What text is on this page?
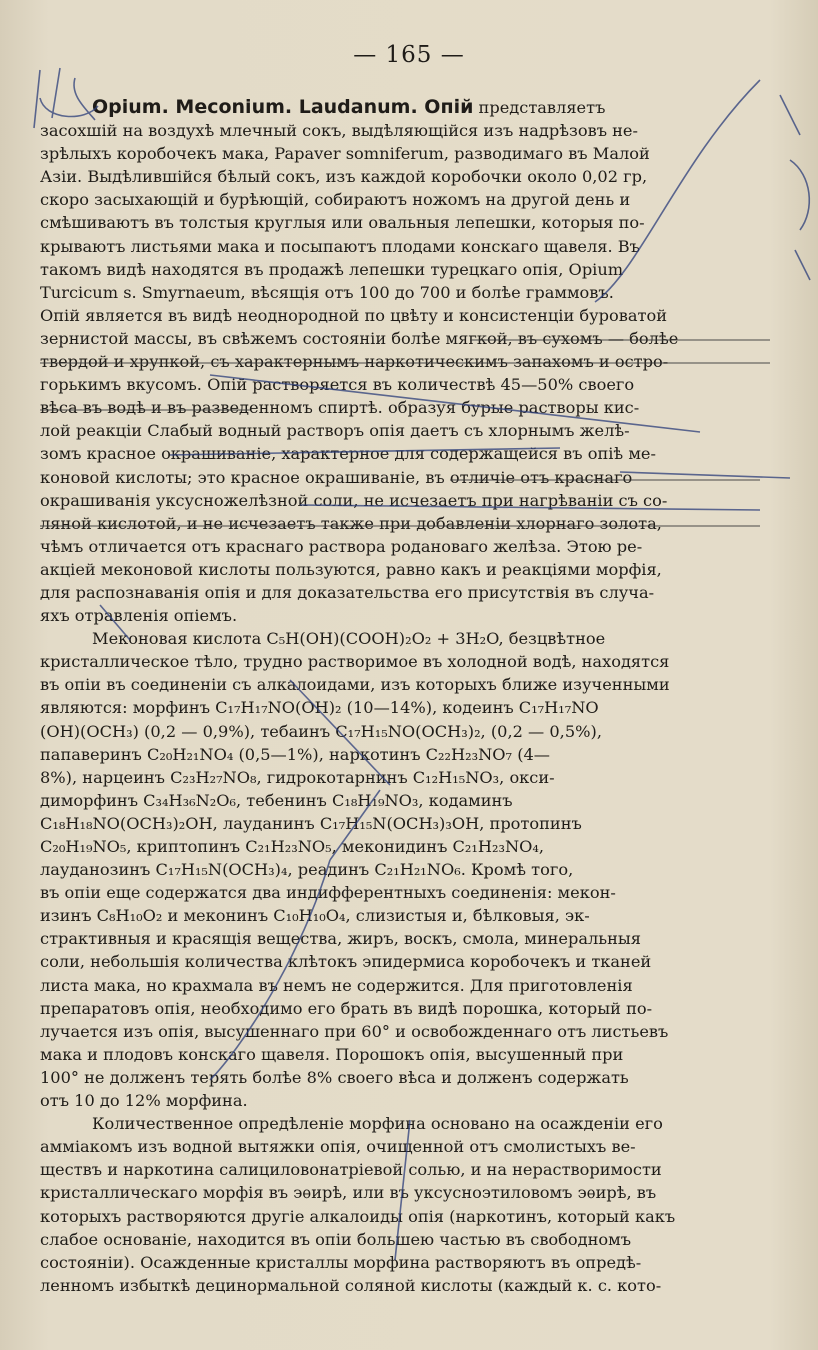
— 165 —
Opium. Meconium. Laudanum. Опій представляетъ
засохшій на воздухѣ млечный сокъ, выдѣляющійся изъ надрѣзовъ не-
зрѣлыхъ коробочекъ мака, Papaver somniferum, разводимаго въ Малой
Азіи. Выдѣлившійся бѣлый сокъ, изъ каждой коробочки около 0,02 гр,
скоро засыхающій и бурѣющій, собираютъ ножомъ на другой день и
смѣшиваютъ въ толстыя круглыя или овальныя лепешки, которыя по-
крываютъ листьями мака и посыпаютъ плодами конскаго щавеля. Въ
такомъ видѣ находятся въ продажѣ лепешки турецкаго опія, Opium
Turcicum s. Smyrnaeum, вѣсящія отъ 100 до 700 и болѣе граммовъ.
Опій является въ видѣ неоднородной по цвѣту и консистенціи буроватой
зернистой массы, въ свѣжемъ состояніи болѣе мягкой, въ сухомъ — болѣе
твердой и хрупкой, съ характернымъ наркотическимъ запахомъ и остро-
горькимъ вкусомъ. Опій растворяется въ количествѣ 45—50% своего
вѣса въ водѣ и въ разведенномъ спиртѣ. образуя бурые растворы кис-
лой реакціи Слабый водный растворъ опія даетъ съ хлорнымъ желѣ-
зомъ красное окрашиваніе, характерное для содержащейся въ опіѣ ме-
коновой кислоты; это красное окрашиваніе, въ отличіе отъ краснаго
окрашиванія уксусножелѣзной соли, не исчезаетъ при нагрѣваніи съ со-
ляной кислотой, и не исчезаетъ также при добавленіи хлорнаго золота,
чѣмъ отличается отъ краснаго раствора родановаго желѣза. Этою ре-
акціей меконовой кислоты пользуются, равно какъ и реакціями морфія,
для распознаванія опія и для доказательства его присутствія въ случа-
яхъ отравленія опіемъ.
Меконовая кислота C₅H(OH)(COOH)₂O₂ + 3H₂O, безцвѣтное
кристаллическое тѣло, трудно растворимое въ холодной водѣ, находятся
въ опіи въ соединеніи съ алкалоидами, изъ которыхъ ближе изученными
являются: морфинъ C₁₇H₁₇NO(OH)₂ (10—14%), кодеинъ C₁₇H₁₇NO
(OH)(OCH₃) (0,2 — 0,9%), тебаинъ C₁₇H₁₅NO(OCH₃)₂, (0,2 — 0,5%),
папавеpинъ C₂₀H₂₁NO₄ (0,5—1%), наркотинъ C₂₂H₂₃NO₇ (4—
8%), нарцеинъ C₂₃H₂₇NO₈, гидрокотарнинъ C₁₂H₁₅NO₃, окси-
диморфинъ C₃₄H₃₆N₂O₆, тебенинъ C₁₈H₁₉NO₃, кодаминъ
C₁₈H₁₈NO(OCH₃)₂OH, лауданинъ C₁₇H₁₅N(OCH₃)₃OH, протопинъ
C₂₀H₁₉NO₅, криптопинъ C₂₁H₂₃NO₅, меконидинъ C₂₁H₂₃NO₄,
лауданозинъ C₁₇H₁₅N(OCH₃)₄, реадинъ C₂₁H₂₁NO₆. Кромѣ того,
въ опіи еще содержатся два индифферентныхъ соединенія: мекон-
изинъ C₈H₁₀O₂ и меконинъ C₁₀H₁₀O₄, слизистыя и, бѣлковыя, эк-
страктивныя и красящія вещества, жиръ, воскъ, смола, минеральныя
соли, небольшія количества клѣтокъ эпидермиса коробочекъ и тканей
листа мака, но крахмала въ немъ не содержится. Для приготовленія
препаратовъ опія, необходимо его брать въ видѣ порошка, который по-
лучается изъ опія, высушеннаго при 60° и освобожденнаго отъ листьевъ
мака и плодовъ конскаго щавеля. Порошокъ опія, высушенный при
100° не долженъ терять болѣе 8% своего вѣса и долженъ содержать
отъ 10 до 12% морфина.
Количественное опредѣленіе морфина основано на осажденіи его
амміакомъ изъ водной вытяжки опія, очищенной отъ смолистыхъ ве-
ществъ и наркотина салициловонатріевой солью, и на нерастворимости
кристаллическаго морфія въ эѳирѣ, или въ уксусноэтиловомъ эѳирѣ, въ
которыхъ растворяются другіе алкалоиды опія (наркотинъ, который какъ
слабое основаніе, находится въ опіи большею частью въ свободномъ
состояніи). Осажденные кристаллы морфина растворяютъ въ опредѣ-
ленномъ избыткѣ децинормальной соляной кислоты (каждый к. с. кото-
